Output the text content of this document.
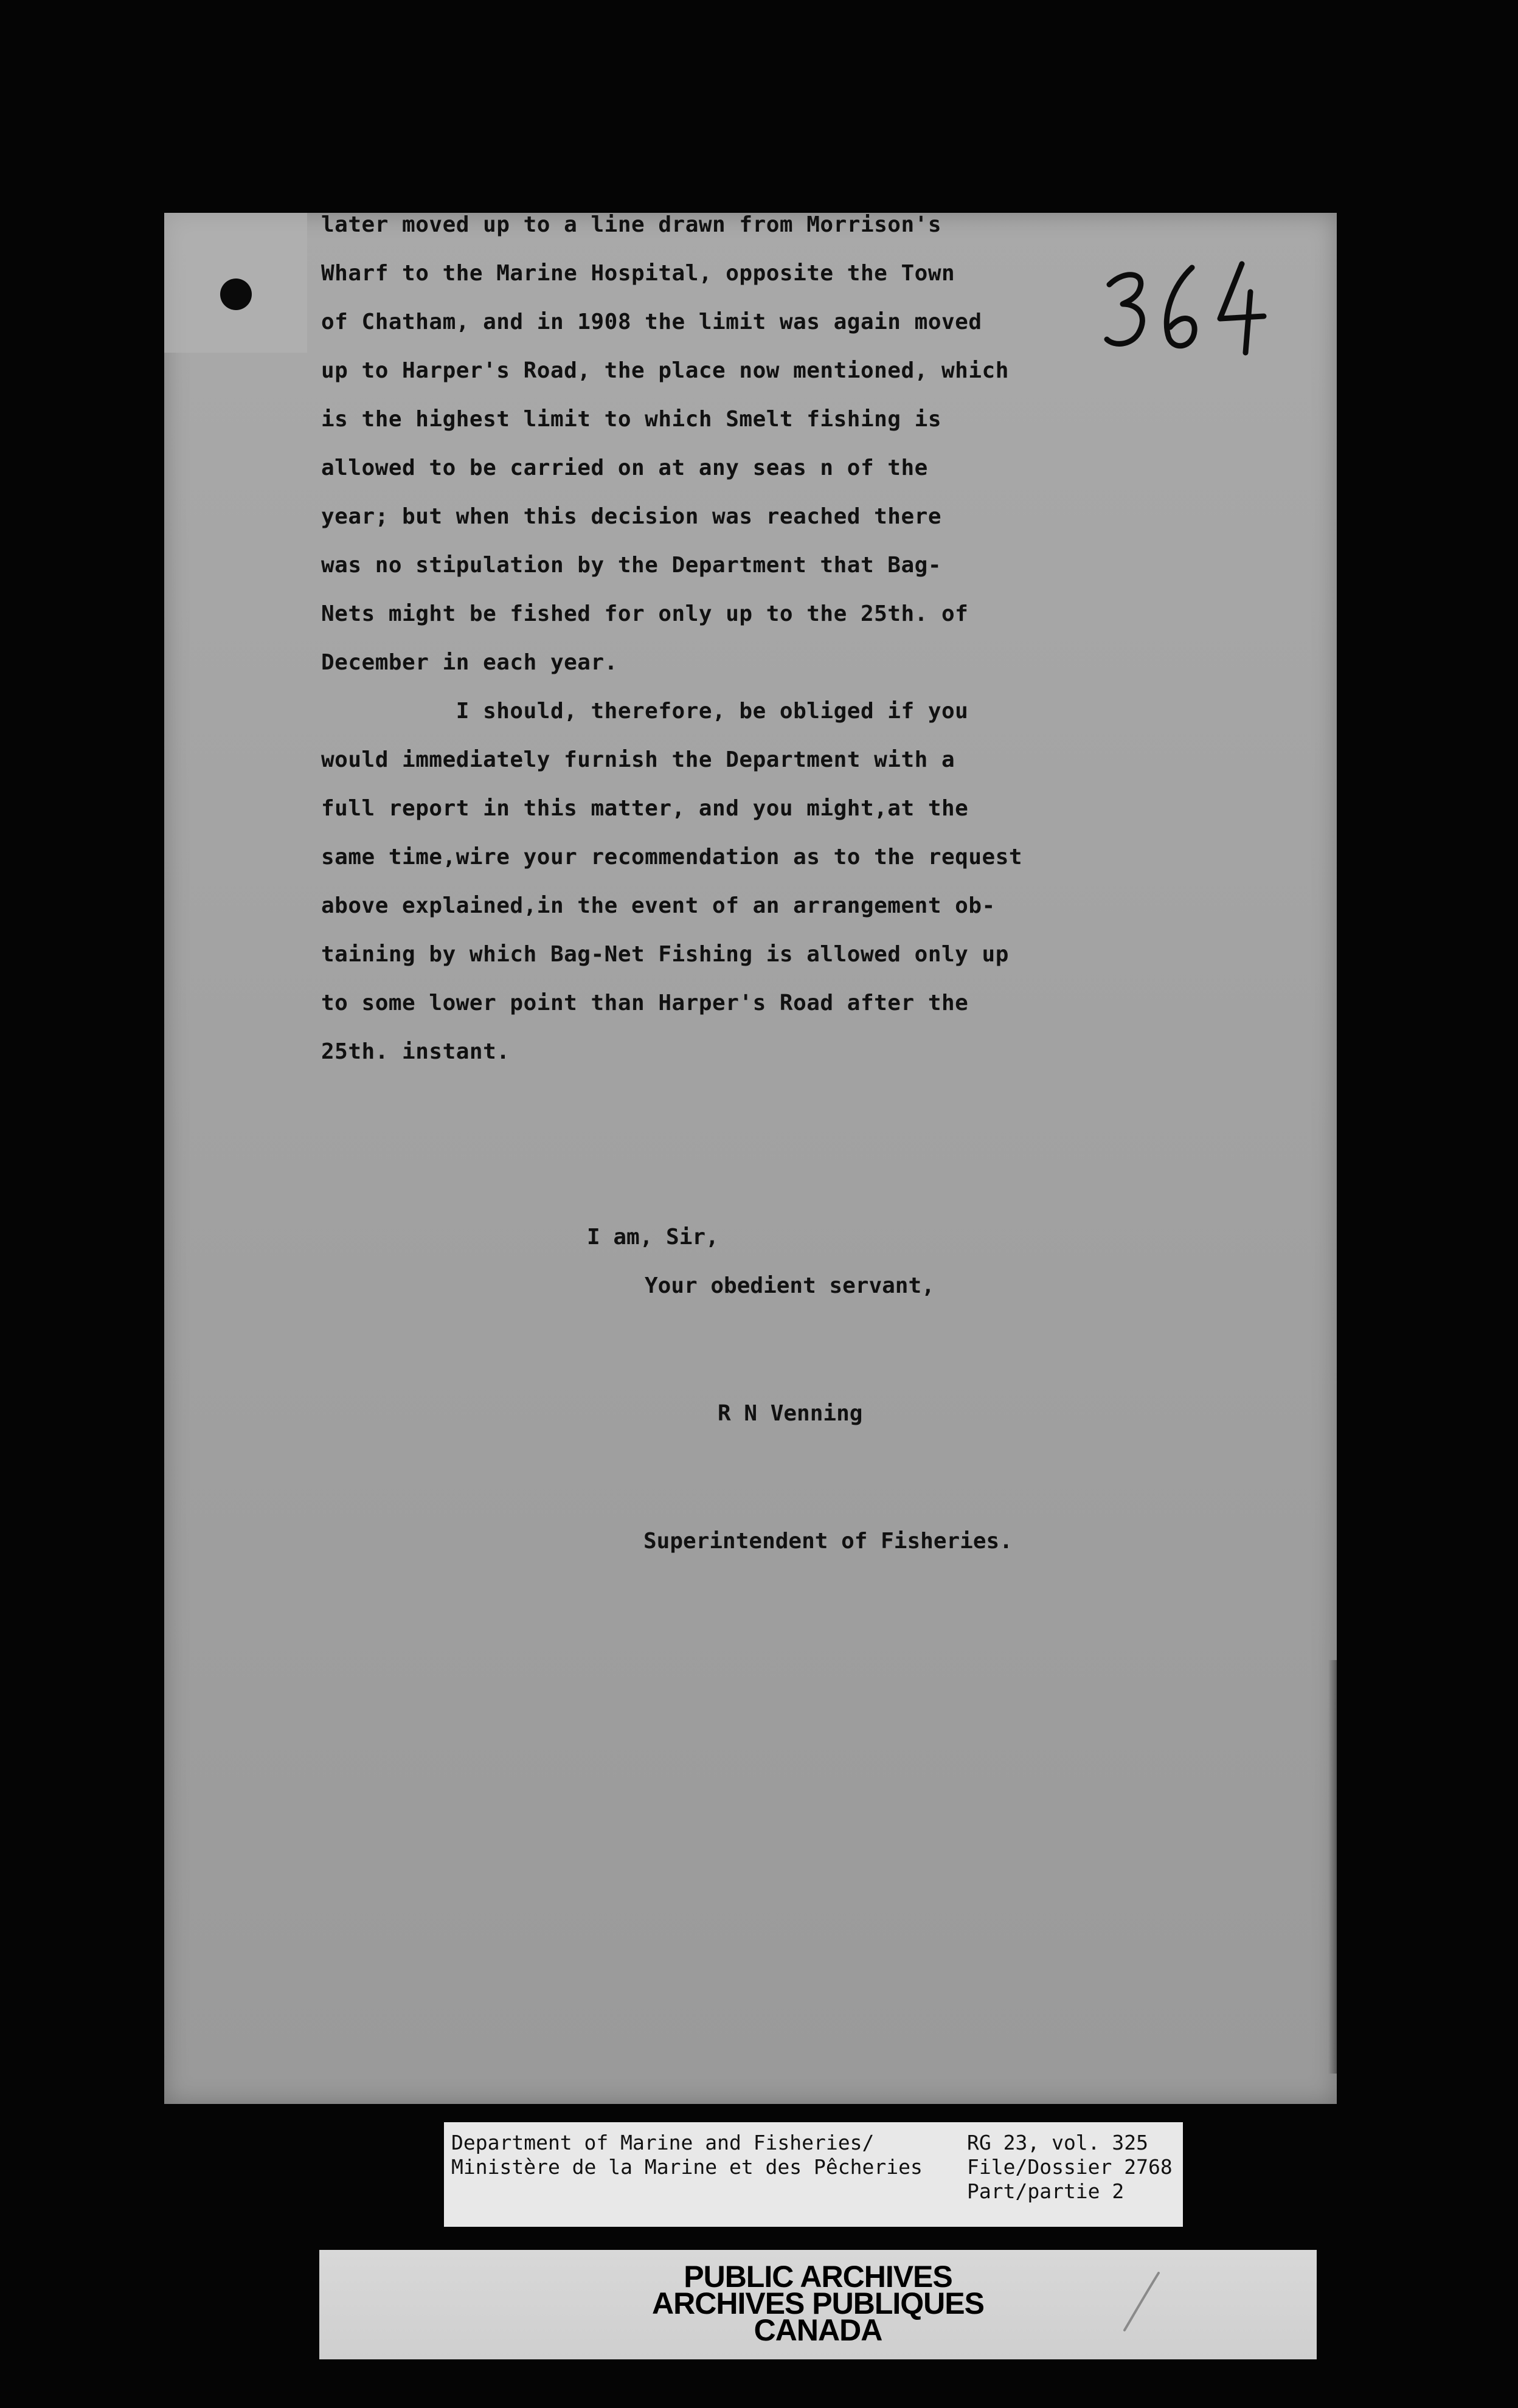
later moved up to a line drawn from Morrison's

Wharf to the Marine Hospital, opposite the Town

of Chatham, and in 1908 the limit was again moved

up to Harper's Road, the place now mentioned, which

is the highest limit to which Smelt fishing is

allowed to be carried on at any seas n of the

year; but when this decision was reached there

was no stipulation by the Department that Bag-

Nets might be fished for only up to the 25th. of

December in each year.

I should, therefore, be obliged if you

would immediately furnish the Department with a

full report in this matter, and you might,at the

same time,wire your recommendation as to the request

above explained,in the event of an arrangement ob-

taining by which Bag-Net Fishing is allowed only up

to some lower point than Harper's Road after the

25th. instant.

I am, Sir,
Your obedient servant,
R N Venning
Superintendent of Fisheries.
Department of Marine and Fisheries/
Ministère de la Marine et des Pêcheries
RG 23, vol. 325
File/Dossier 2768
Part/partie 2
PUBLIC ARCHIVES
ARCHIVES PUBLIQUES
CANADA
